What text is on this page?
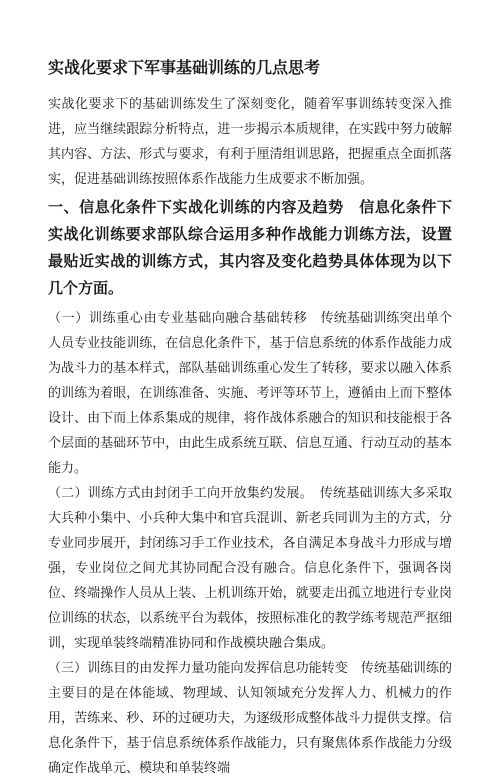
实战化要求下军事基础训练的几点思考

实战化要求下的基础训练发生了深刻变化，随着军事训练转变深入推进，应当继续跟踪分析特点，进一步揭示本质规律，在实践中努力破解其内容、方法、形式与要求，有利于厘清组训思路，把握重点全面抓落实，促进基础训练按照体系作战能力生成要求不断加强。

一、信息化条件下实战化训练的内容及趋势　信息化条件下实战化训练要求部队综合运用多种作战能力训练方法，设置最贴近实战的训练方式，其内容及变化趋势具体体现为以下几个方面。

（一）训练重心由专业基础向融合基础转移　传统基础训练突出单个人员专业技能训练，在信息化条件下，基于信息系统的体系作战能力成为战斗力的基本样式，部队基础训练重心发生了转移，要求以融入体系的训练为着眼，在训练准备、实施、考评等环节上，遵循由上而下整体设计、由下而上体系集成的规律，将作战体系融合的知识和技能根于各个层面的基础环节中，由此生成系统互联、信息互通、行动互动的基本能力。

（二）训练方式由封闭手工向开放集约发展。　传统基础训练大多采取大兵种小集中、小兵种大集中和官兵混训、新老兵同训为主的方式，分专业同步展开，封闭练习手工作业技术，各自满足本身战斗力形成与增强，专业岗位之间尤其协同配合没有融合。信息化条件下，强调各岗位、终端操作人员从上装、上机训练开始，就要走出孤立地进行专业岗位训练的状态，以系统平台为载体，按照标准化的教学练考规范严抠细训，实现单装终端精准协同和作战模块融合集成。

（三）训练目的由发挥力量功能向发挥信息功能转变　传统基础训练的主要目的是在体能域、物理域、认知领域充分发挥人力、机械力的作用，苦练来、秒、环的过硬功夫，为逐级形成整体战斗力提供支撑。信息化条件下，基于信息系统体系作战能力，只有聚焦体系作战能力分级确定作战单元、模块和单装终端
